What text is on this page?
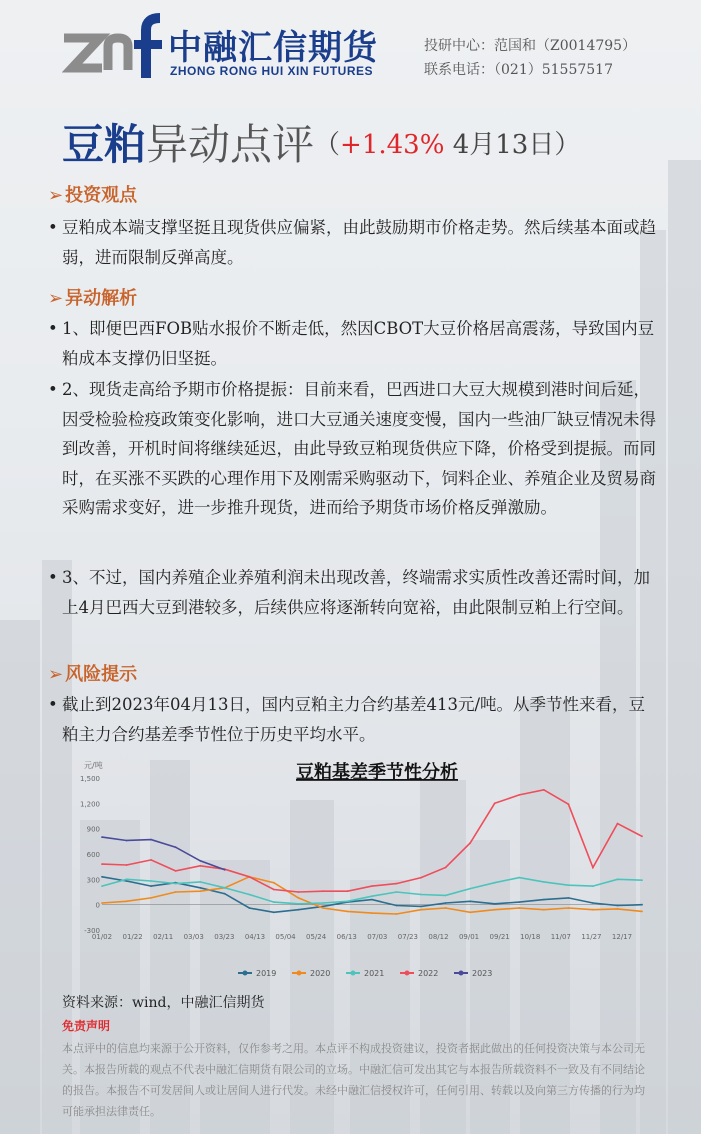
中融汇信期货
ZHONG RONG HUI XIN FUTURES
投研中心：范国和（Z0014795）
联系电话：（021）51557517
豆粕异动点评（+1.43% 4月13日）
➢ 投资观点
• 豆粕成本端支撑坚挺且现货供应偏紧，由此鼓励期市价格走势。然后续基本面或趋弱，进而限制反弹高度。
➢ 异动解析
• 1、即便巴西FOB贴水报价不断走低，然因CBOT大豆价格居高震荡，导致国内豆粕成本支撑仍旧坚挺。
• 2、现货走高给予期市价格提振：目前来看，巴西进口大豆大规模到港时间后延，因受检验检疫政策变化影响，进口大豆通关速度变慢，国内一些油厂缺豆情况未得到改善，开机时间将继续延迟，由此导致豆粕现货供应下降，价格受到提振。而同时，在买涨不买跌的心理作用下及刚需采购驱动下，饲料企业、养殖企业及贸易商采购需求变好，进一步推升现货，进而给予期货市场价格反弹激励。
• 3、不过，国内养殖企业养殖利润未出现改善，终端需求实质性改善还需时间，加上4月巴西大豆到港较多，后续供应将逐渐转向宽裕，由此限制豆粕上行空间。
➢ 风险提示
• 截止到2023年04月13日，国内豆粕主力合约基差413元/吨。从季节性来看，豆粕主力合约基差季节性位于历史平均水平。
豆粕基差季节性分析
元/吨
1,500
1,200
900
600
300
0
-300
01/02 01/22 02/11 03/03 03/23 04/13 05/04 05/24 06/13 07/03 07/23 08/12 09/01 09/21 10/18 11/07 11/27 12/17
2019	2020	2021	2022	2023
资料来源：wind，中融汇信期货
免责声明
本点评中的信息均来源于公开资料，仅作参考之用。本点评不构成投资建议，投资者据此做出的任何投资决策与本公司无关。本报告所载的观点不代表中融汇信期货有限公司的立场。中融汇信可发出其它与本报告所载资料不一致及有不同结论的报告。本报告不可发居间人或让居间人进行代发。未经中融汇信授权许可，任何引用、转载以及向第三方传播的行为均可能承担法律责任。
